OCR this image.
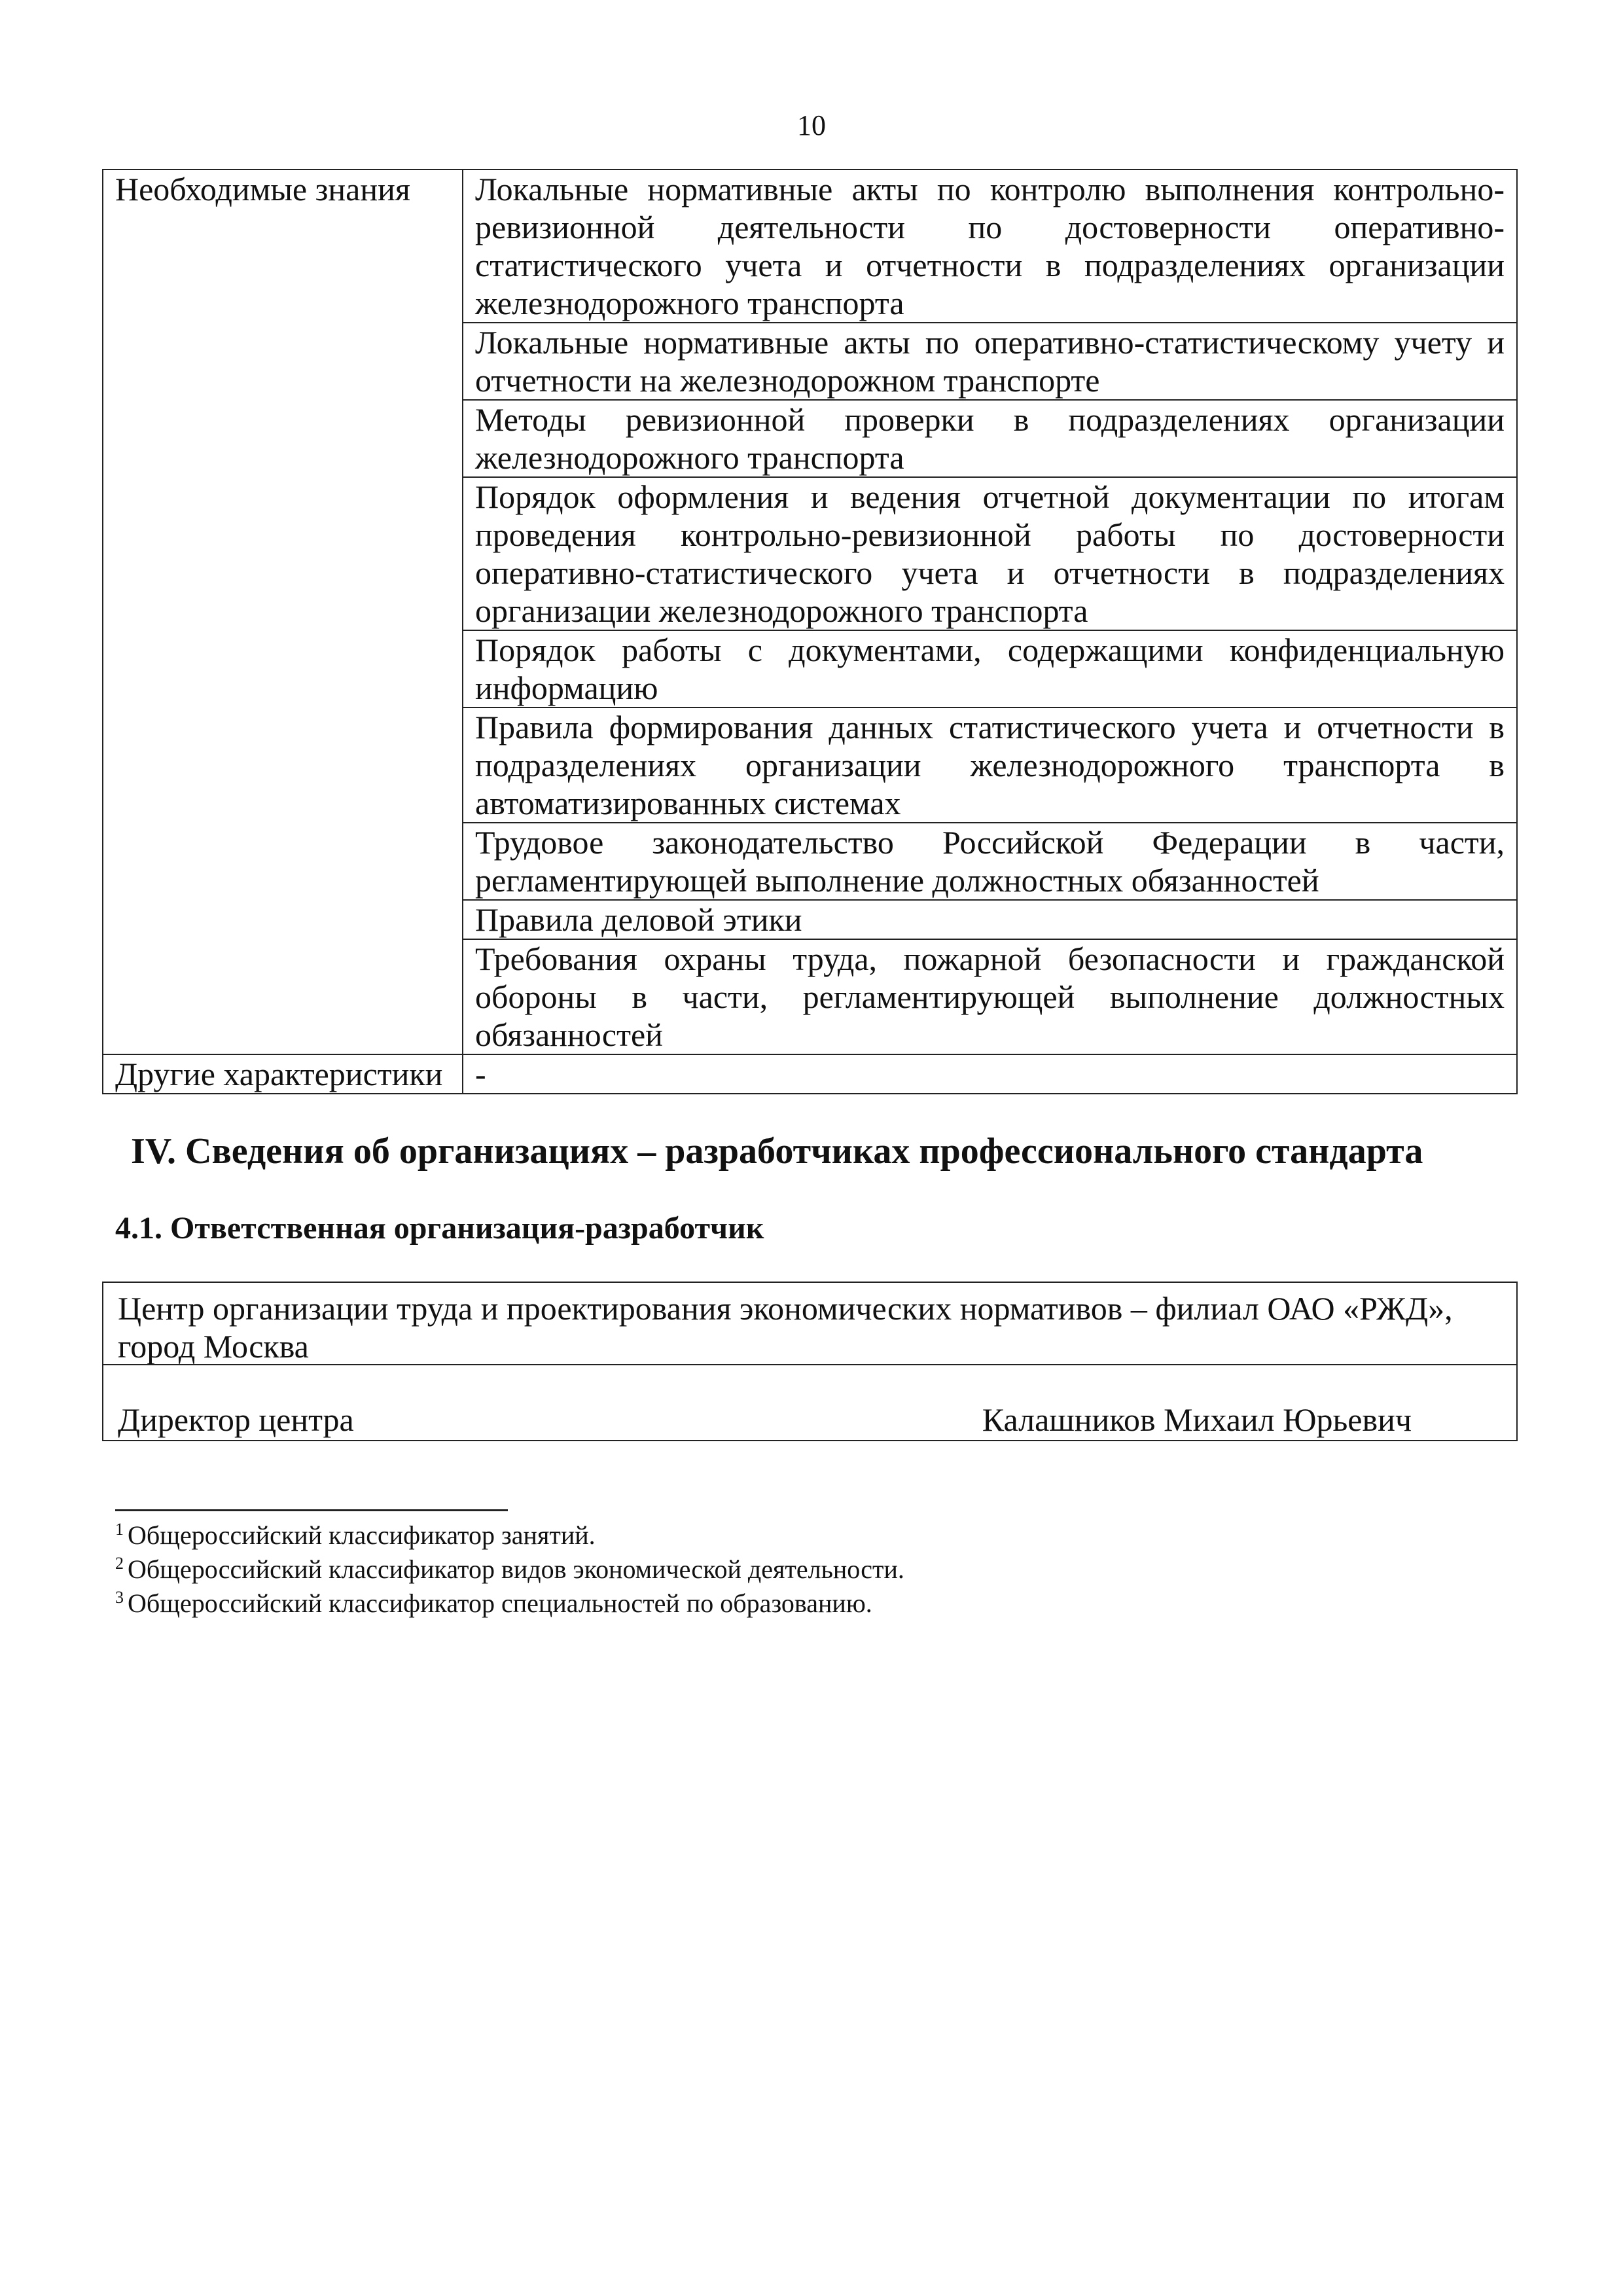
10
Необходимые знания	Локальные нормативные акты по контролю выполнения контрольно-ревизионной деятельности по достоверности оперативно-статистического учета и отчетности в подразделениях организации железнодорожного транспорта
	Локальные нормативные акты по оперативно-статистическому учету и отчетности на железнодорожном транспорте
	Методы ревизионной проверки в подразделениях организации железнодорожного транспорта
	Порядок оформления и ведения отчетной документации по итогам проведения контрольно-ревизионной работы по достоверности оперативно-статистического учета и отчетности в подразделениях организации железнодорожного транспорта
	Порядок работы с документами, содержащими конфиденциальную информацию
	Правила формирования данных статистического учета и отчетности в подразделениях организации железнодорожного транспорта в автоматизированных системах
	Трудовое законодательство Российской Федерации в части, регламентирующей выполнение должностных обязанностей
	Правила деловой этики
	Требования охраны труда, пожарной безопасности и гражданской обороны в части, регламентирующей выполнение должностных обязанностей
Другие характеристики	-
IV. Сведения об организациях – разработчиках профессионального стандарта
4.1. Ответственная организация-разработчик
Центр организации труда и проектирования экономических нормативов – филиал ОАО «РЖД», город Москва
Директор центра	Калашников Михаил Юрьевич
$^1$ Общероссийский классификатор занятий.
$^2$ Общероссийский классификатор видов экономической деятельности.
$^3$ Общероссийский классификатор специальностей по образованию.
